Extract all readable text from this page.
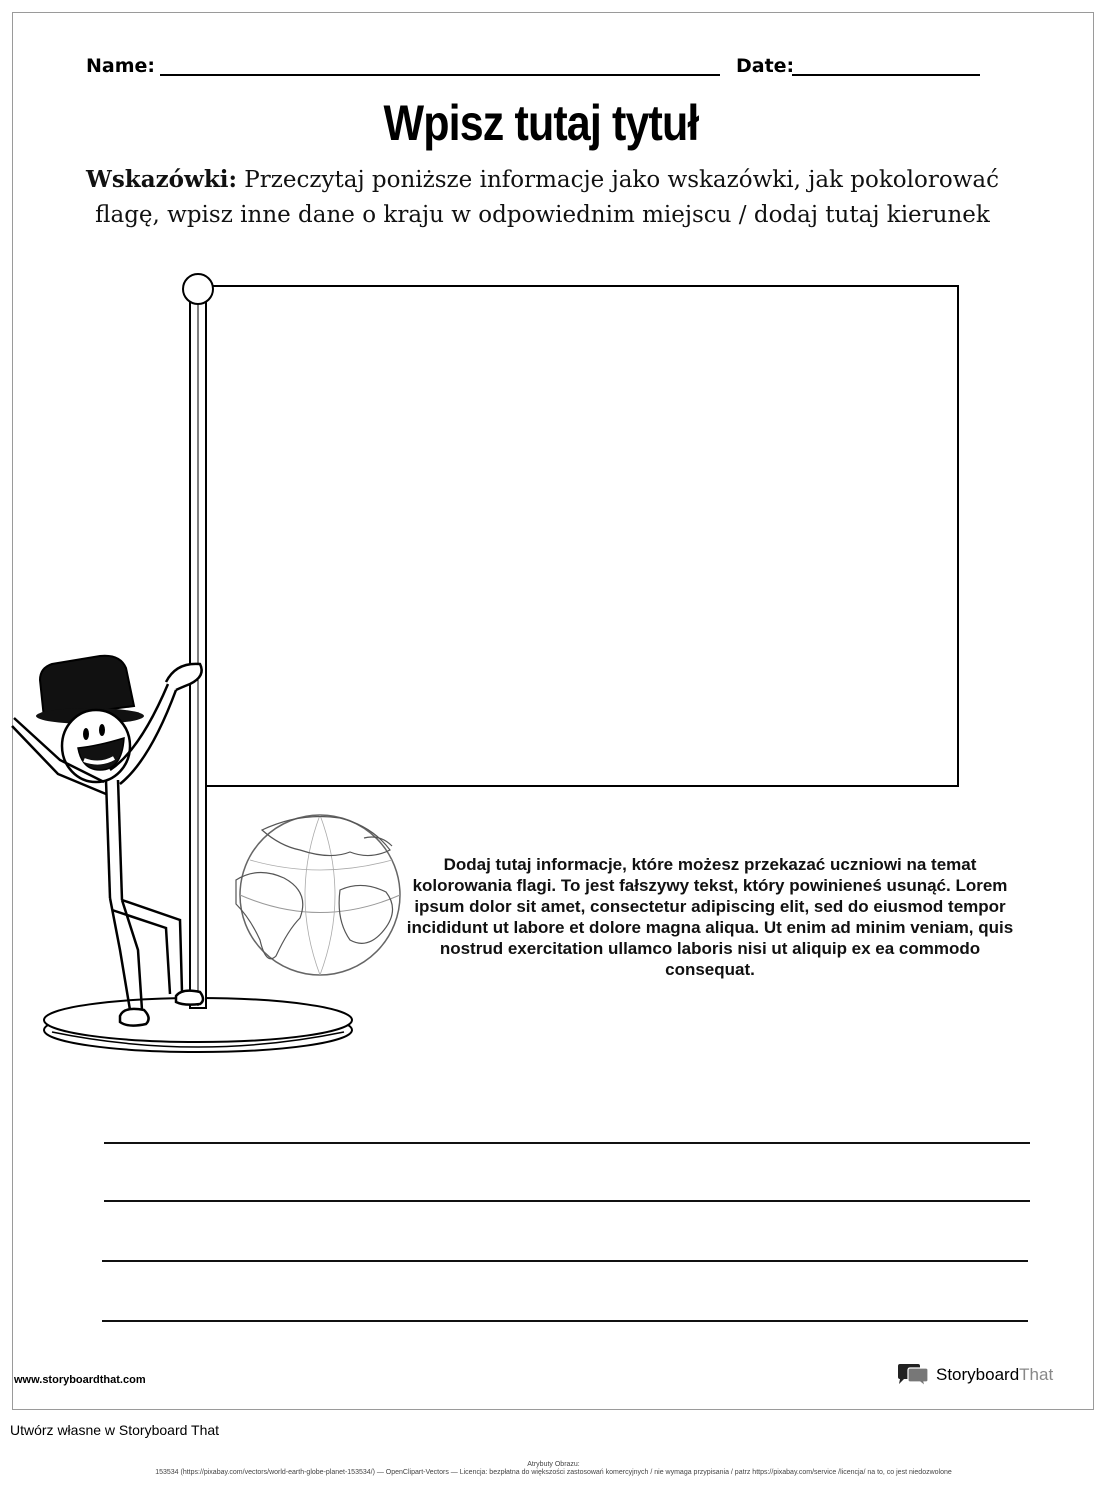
Name:	Date:
Wpisz tutaj tytuł
Wskazówki: Przeczytaj poniższe informacje jako wskazówki, jak pokolorować flagę, wpisz inne dane o kraju w odpowiednim miejscu / dodaj tutaj kierunek
Dodaj tutaj informacje, które możesz przekazać uczniowi na temat kolorowania flagi. To jest fałszywy tekst, który powinieneś usunąć. Lorem ipsum dolor sit amet, consectetur adipiscing elit, sed do eiusmod tempor incididunt ut labore et dolore magna aliqua. Ut enim ad minim veniam, quis nostrud exercitation ullamco laboris nisi ut aliquip ex ea commodo consequat.
www.storyboardthat.com	StoryboardThat
Utwórz własne w Storyboard That
Atrybuty Obrazu:
153534 (https://pixabay.com/vectors/world-earth-globe-planet-153534/) — OpenClipart-Vectors — Licencja: bezpłatna do większości zastosowań komercyjnych / nie wymaga przypisania / patrz https://pixabay.com/service /licencja/ na to, co jest niedozwolone
